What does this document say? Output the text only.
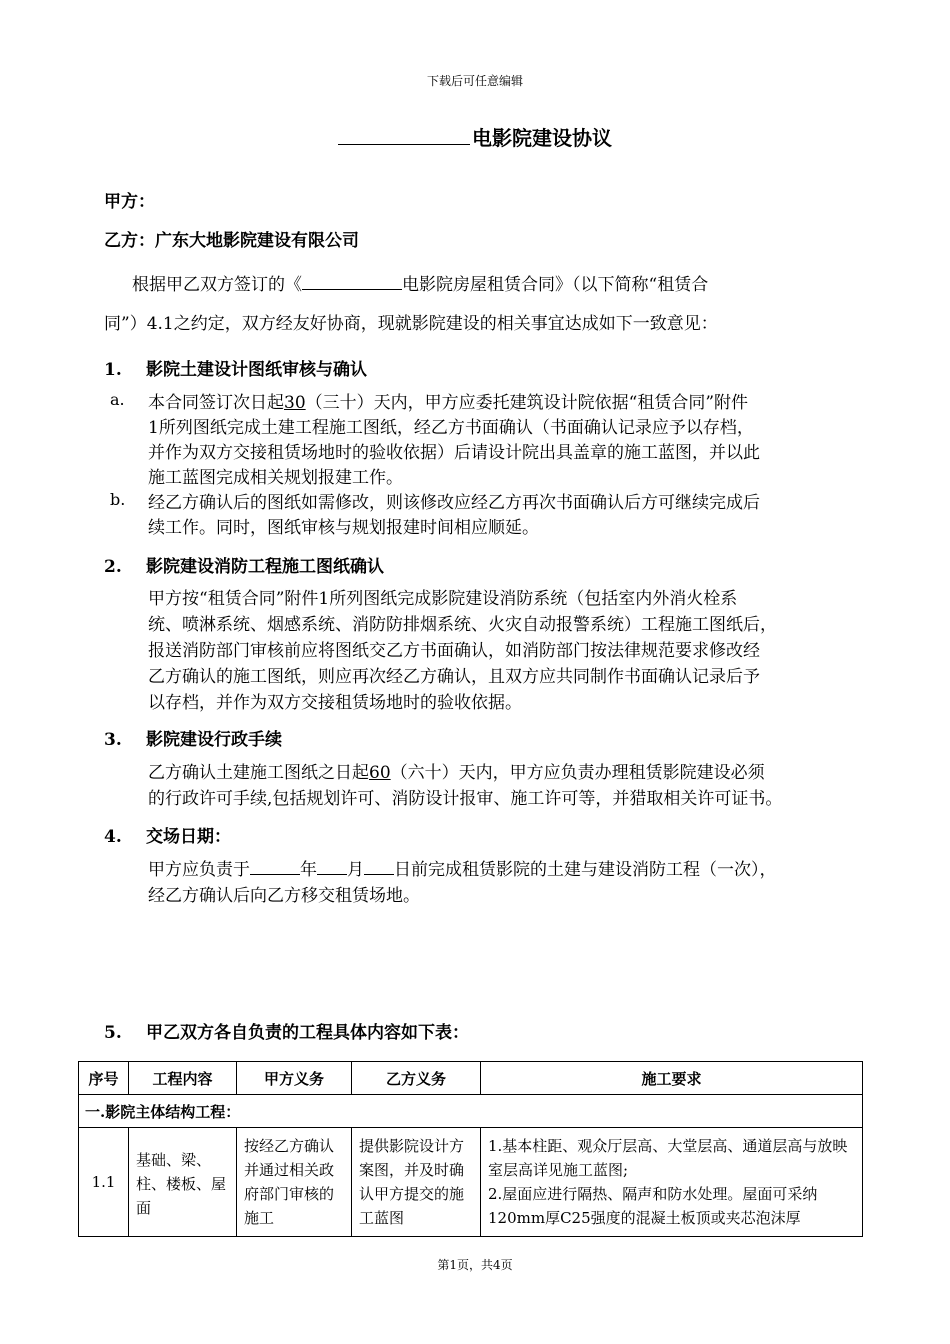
下载后可任意编辑
电影院建设协议
甲方：
乙方：广东大地影院建设有限公司
根据甲乙双方签订的《	电影院房屋租赁合同》（以下简称“租赁合
同”）4.1之约定，双方经友好协商，现就影院建设的相关事宜达成如下一致意见：
1. 影院土建设计图纸审核与确认
a. 本合同签订次日起30（三十）天内，甲方应委托建筑设计院依据“租赁合同”附件
1所列图纸完成土建工程施工图纸，经乙方书面确认（书面确认记录应予以存档，
并作为双方交接租赁场地时的验收依据）后请设计院出具盖章的施工蓝图，并以此
施工蓝图完成相关规划报建工作。
b. 经乙方确认后的图纸如需修改，则该修改应经乙方再次书面确认后方可继续完成后
续工作。同时，图纸审核与规划报建时间相应顺延。
2. 影院建设消防工程施工图纸确认
甲方按“租赁合同”附件1所列图纸完成影院建设消防系统（包括室内外消火栓系
统、喷淋系统、烟感系统、消防防排烟系统、火灾自动报警系统）工程施工图纸后，
报送消防部门审核前应将图纸交乙方书面确认，如消防部门按法律规范要求修改经
乙方确认的施工图纸，则应再次经乙方确认，且双方应共同制作书面确认记录后予
以存档，并作为双方交接租赁场地时的验收依据。
3. 影院建设行政手续
乙方确认土建施工图纸之日起60（六十）天内，甲方应负责办理租赁影院建设必须
的行政许可手续,包括规划许可、消防设计报审、施工许可等，并猎取相关许可证书。
4. 交场日期：
甲方应负责于	年 月 日前完成租赁影院的土建与建设消防工程（一次），
经乙方确认后向乙方移交租赁场地。
5. 甲乙双方各自负责的工程具体内容如下表：
序号	工程内容	甲方义务	乙方义务	施工要求
一.影院主体结构工程：				

1.1	基础、梁、柱、楼板、屋面	按经乙方确认并通过相关政府部门审核的施工	提供影院设计方案图，并及时确认甲方提交的施工蓝图	1.基本柱距、观众厅层高、大堂层高、通道层高与放映室层高详见施工蓝图;
2.屋面应进行隔热、隔声和防水处理。屋面可采纳120mm厚C25强度的混凝土板顶或夹芯泡沫厚
第1页，共4页
